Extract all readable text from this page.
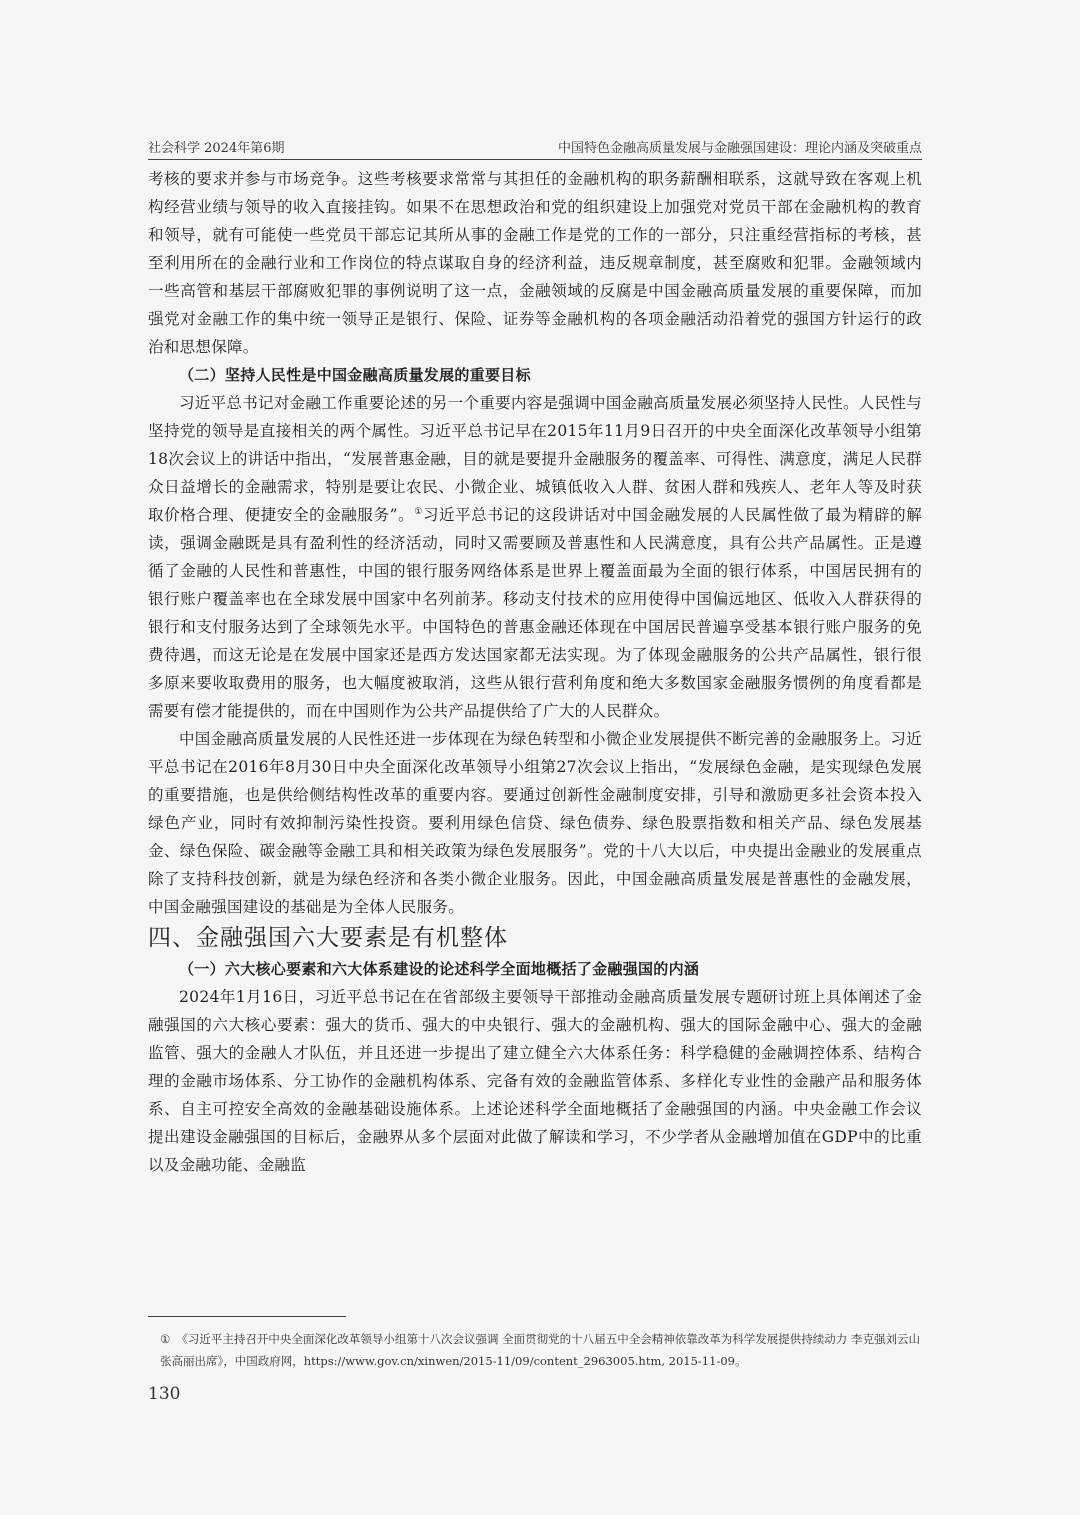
社会科学 2024年第6期	中国特色金融高质量发展与金融强国建设：理论内涵及突破重点

考核的要求并参与市场竞争。这些考核要求常常与其担任的金融机构的职务薪酬相联系，这就导致在客观上机构经营业绩与领导的收入直接挂钩。如果不在思想政治和党的组织建设上加强党对党员干部在金融机构的教育和领导，就有可能使一些党员干部忘记其所从事的金融工作是党的工作的一部分，只注重经营指标的考核，甚至利用所在的金融行业和工作岗位的特点谋取自身的经济利益，违反规章制度，甚至腐败和犯罪。金融领域内一些高管和基层干部腐败犯罪的事例说明了这一点，金融领域的反腐是中国金融高质量发展的重要保障，而加强党对金融工作的集中统一领导正是银行、保险、证券等金融机构的各项金融活动沿着党的强国方针运行的政治和思想保障。

（二）坚持人民性是中国金融高质量发展的重要目标

习近平总书记对金融工作重要论述的另一个重要内容是强调中国金融高质量发展必须坚持人民性。人民性与坚持党的领导是直接相关的两个属性。习近平总书记早在2015年11月9日召开的中央全面深化改革领导小组第18次会议上的讲话中指出，“发展普惠金融，目的就是要提升金融服务的覆盖率、可得性、满意度，满足人民群众日益增长的金融需求，特别是要让农民、小微企业、城镇低收入人群、贫困人群和残疾人、老年人等及时获取价格合理、便捷安全的金融服务”。①习近平总书记的这段讲话对中国金融发展的人民属性做了最为精辟的解读，强调金融既是具有盈利性的经济活动，同时又需要顾及普惠性和人民满意度，具有公共产品属性。正是遵循了金融的人民性和普惠性，中国的银行服务网络体系是世界上覆盖面最为全面的银行体系，中国居民拥有的银行账户覆盖率也在全球发展中国家中名列前茅。移动支付技术的应用使得中国偏远地区、低收入人群获得的银行和支付服务达到了全球领先水平。中国特色的普惠金融还体现在中国居民普遍享受基本银行账户服务的免费待遇，而这无论是在发展中国家还是西方发达国家都无法实现。为了体现金融服务的公共产品属性，银行很多原来要收取费用的服务，也大幅度被取消，这些从银行营利角度和绝大多数国家金融服务惯例的角度看都是需要有偿才能提供的，而在中国则作为公共产品提供给了广大的人民群众。

中国金融高质量发展的人民性还进一步体现在为绿色转型和小微企业发展提供不断完善的金融服务上。习近平总书记在2016年8月30日中央全面深化改革领导小组第27次会议上指出，“发展绿色金融，是实现绿色发展的重要措施，也是供给侧结构性改革的重要内容。要通过创新性金融制度安排，引导和激励更多社会资本投入绿色产业，同时有效抑制污染性投资。要利用绿色信贷、绿色债券、绿色股票指数和相关产品、绿色发展基金、绿色保险、碳金融等金融工具和相关政策为绿色发展服务”。党的十八大以后，中央提出金融业的发展重点除了支持科技创新，就是为绿色经济和各类小微企业服务。因此，中国金融高质量发展是普惠性的金融发展，中国金融强国建设的基础是为全体人民服务。

四、金融强国六大要素是有机整体

（一）六大核心要素和六大体系建设的论述科学全面地概括了金融强国的内涵

2024年1月16日，习近平总书记在在省部级主要领导干部推动金融高质量发展专题研讨班上具体阐述了金融强国的六大核心要素：强大的货币、强大的中央银行、强大的金融机构、强大的国际金融中心、强大的金融监管、强大的金融人才队伍，并且还进一步提出了建立健全六大体系任务：科学稳健的金融调控体系、结构合理的金融市场体系、分工协作的金融机构体系、完备有效的金融监管体系、多样化专业性的金融产品和服务体系、自主可控安全高效的金融基础设施体系。上述论述科学全面地概括了金融强国的内涵。中央金融工作会议提出建设金融强国的目标后，金融界从多个层面对此做了解读和学习，不少学者从金融增加值在GDP中的比重以及金融功能、金融监

① 《习近平主持召开中央全面深化改革领导小组第十八次会议强调 全面贯彻党的十八届五中全会精神依靠改革为科学发展提供持续动力 李克强刘云山张高丽出席》，中国政府网，https://www.gov.cn/xinwen/2015-11/09/content_2963005.htm, 2015-11-09。
130
